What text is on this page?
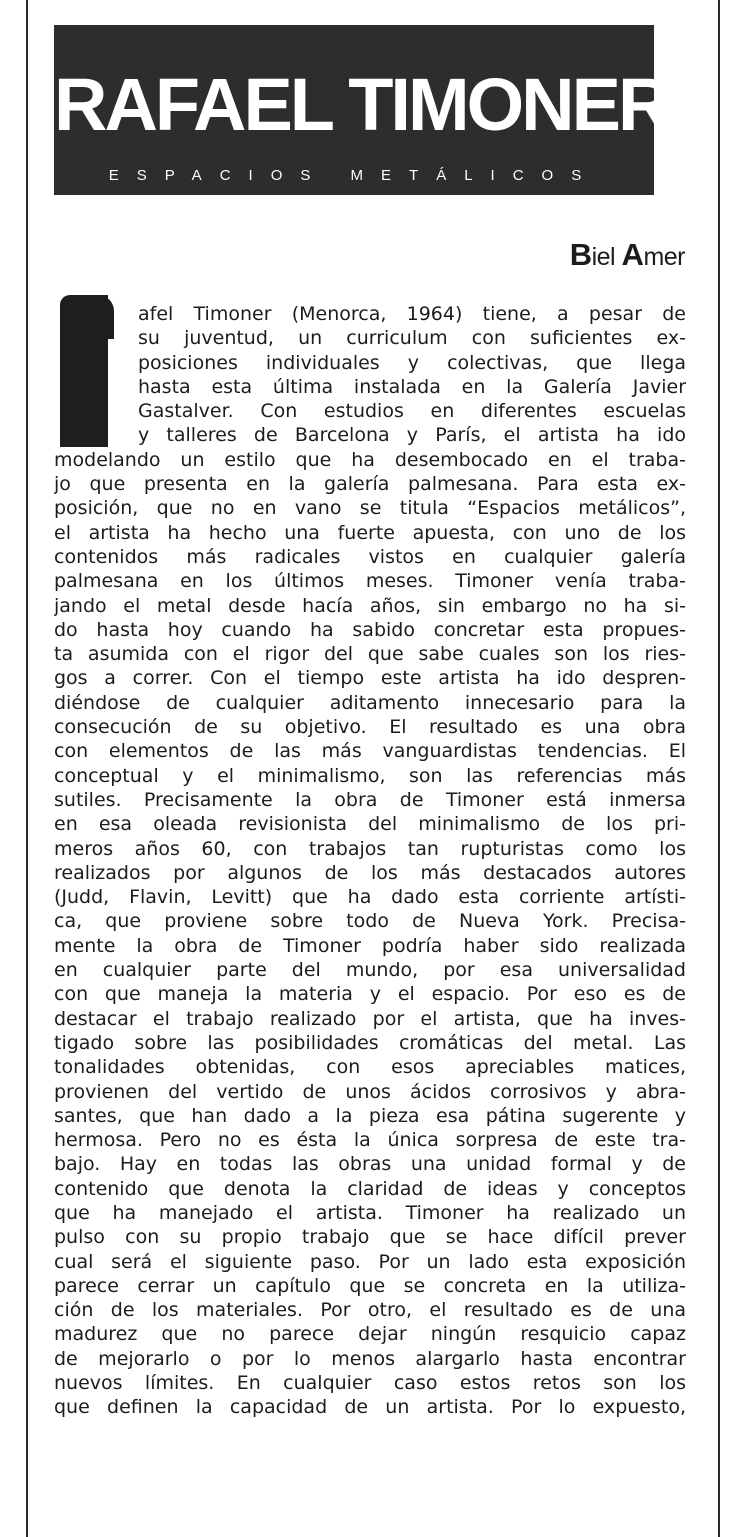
RAFAEL TIMONER
ESPACIOS METÁLICOS
Biel Amer
afel Timoner (Menorca, 1964) tiene, a pesar de
su juventud, un curriculum con suficientes ex-
posiciones individuales y colectivas, que llega
hasta esta última instalada en la Galería Javier
Gastalver. Con estudios en diferentes escuelas
y talleres de Barcelona y París, el artista ha ido
modelando un estilo que ha desembocado en el traba-
jo que presenta en la galería palmesana. Para esta ex-
posición, que no en vano se titula “Espacios metálicos”,
el artista ha hecho una fuerte apuesta, con uno de los
contenidos más radicales vistos en cualquier galería
palmesana en los últimos meses. Timoner venía traba-
jando el metal desde hacía años, sin embargo no ha si-
do hasta hoy cuando ha sabido concretar esta propues-
ta asumida con el rigor del que sabe cuales son los ries-
gos a correr. Con el tiempo este artista ha ido despren-
diéndose de cualquier aditamento innecesario para la
consecución de su objetivo. El resultado es una obra
con elementos de las más vanguardistas tendencias. El
conceptual y el minimalismo, son las referencias más
sutiles. Precisamente la obra de Timoner está inmersa
en esa oleada revisionista del minimalismo de los pri-
meros años 60, con trabajos tan rupturistas como los
realizados por algunos de los más destacados autores
(Judd, Flavin, Levitt) que ha dado esta corriente artísti-
ca, que proviene sobre todo de Nueva York. Precisa-
mente la obra de Timoner podría haber sido realizada
en cualquier parte del mundo, por esa universalidad
con que maneja la materia y el espacio. Por eso es de
destacar el trabajo realizado por el artista, que ha inves-
tigado sobre las posibilidades cromáticas del metal. Las
tonalidades obtenidas, con esos apreciables matices,
provienen del vertido de unos ácidos corrosivos y abra-
santes, que han dado a la pieza esa pátina sugerente y
hermosa. Pero no es ésta la única sorpresa de este tra-
bajo. Hay en todas las obras una unidad formal y de
contenido que denota la claridad de ideas y conceptos
que ha manejado el artista. Timoner ha realizado un
pulso con su propio trabajo que se hace difícil prever
cual será el siguiente paso. Por un lado esta exposición
parece cerrar un capítulo que se concreta en la utiliza-
ción de los materiales. Por otro, el resultado es de una
madurez que no parece dejar ningún resquicio capaz
de mejorarlo o por lo menos alargarlo hasta encontrar
nuevos límites. En cualquier caso estos retos son los
que definen la capacidad de un artista. Por lo expuesto,
